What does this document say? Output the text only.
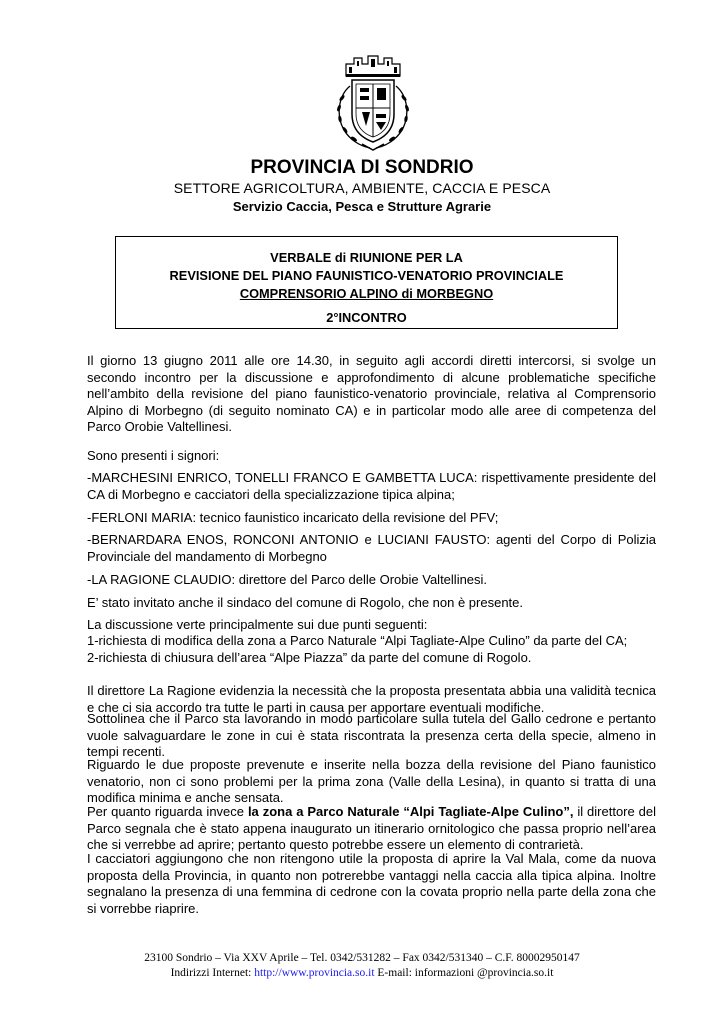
PROVINCIA DI SONDRIO
SETTORE AGRICOLTURA, AMBIENTE, CACCIA E PESCA
Servizio Caccia, Pesca e Strutture Agrarie
VERBALE di RIUNIONE PER LA
REVISIONE DEL PIANO FAUNISTICO-VENATORIO PROVINCIALE
COMPRENSORIO ALPINO di MORBEGNO
2°INCONTRO
Il giorno 13 giugno 2011 alle ore 14.30, in seguito agli accordi diretti intercorsi, si svolge un secondo incontro per la discussione e approfondimento di alcune problematiche specifiche nell’ambito della revisione del piano faunistico-venatorio provinciale, relativa al Comprensorio Alpino di Morbegno (di seguito nominato CA) e in particolar modo alle aree di competenza del Parco Orobie Valtellinesi.
Sono presenti i signori:
-MARCHESINI ENRICO, TONELLI FRANCO E GAMBETTA LUCA: rispettivamente presidente del CA di Morbegno e cacciatori della specializzazione tipica alpina;
-FERLONI MARIA: tecnico faunistico incaricato della revisione del PFV;
-BERNARDARA ENOS, RONCONI ANTONIO e LUCIANI FAUSTO: agenti del Corpo di Polizia Provinciale del mandamento di Morbegno
-LA RAGIONE CLAUDIO: direttore del Parco delle Orobie Valtellinesi.
E’ stato invitato anche il sindaco del comune di Rogolo, che non è presente.
La discussione verte principalmente sui due punti seguenti:
1-richiesta di modifica della zona a Parco Naturale “Alpi Tagliate-Alpe Culino” da parte del CA;
2-richiesta di chiusura dell’area “Alpe Piazza” da parte del comune di Rogolo.
Il direttore La Ragione evidenzia la necessità che la proposta presentata abbia una validità tecnica e che ci sia accordo tra tutte le parti in causa per apportare eventuali modifiche.
Sottolinea che il Parco sta lavorando in modo particolare sulla tutela del Gallo cedrone e pertanto vuole salvaguardare le zone in cui è stata riscontrata la presenza certa della specie, almeno in tempi recenti.
Riguardo le due proposte prevenute e inserite nella bozza della revisione del Piano faunistico venatorio, non ci sono problemi per la prima zona (Valle della Lesina), in quanto si tratta di una modifica minima e anche sensata.
Per quanto riguarda invece la zona a Parco Naturale “Alpi Tagliate-Alpe Culino”, il direttore del Parco segnala che è stato appena inaugurato un itinerario ornitologico che passa proprio nell’area che si verrebbe ad aprire; pertanto questo potrebbe essere un elemento di contrarietà.
I cacciatori aggiungono che non ritengono utile la proposta di aprire la Val Mala, come da nuova proposta della Provincia, in quanto non potrerebbe vantaggi nella caccia alla tipica alpina. Inoltre segnalano la presenza di una femmina di cedrone con la covata proprio nella parte della zona che si vorrebbe riaprire.
23100 Sondrio – Via XXV Aprile – Tel. 0342/531282 – Fax 0342/531340 – C.F. 80002950147
Indirizzi Internet: http://www.provincia.so.it E-mail: informazioni @provincia.so.it
